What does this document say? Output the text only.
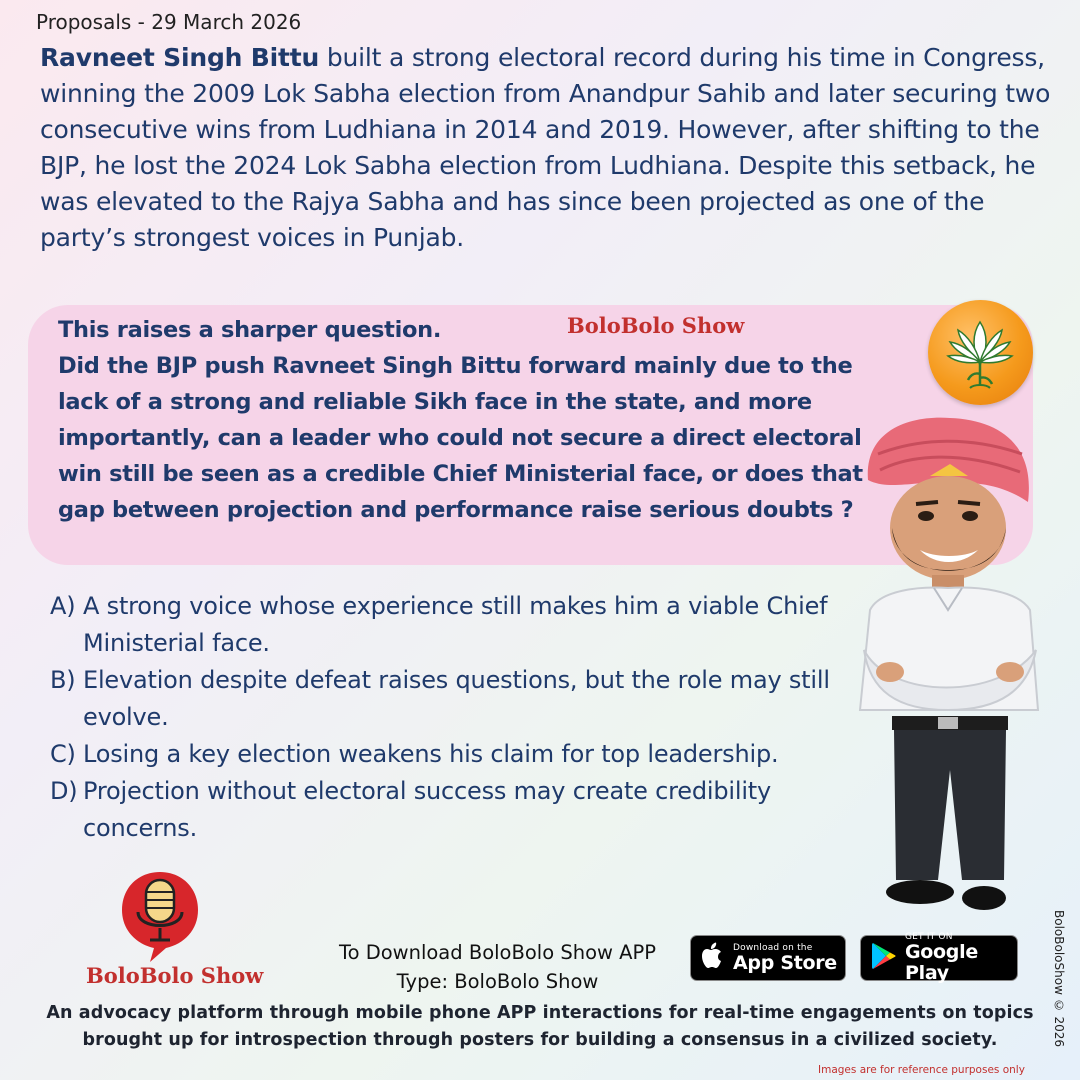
Proposals - 29 March 2026
Ravneet Singh Bittu built a strong electoral record during his time in Congress, winning the 2009 Lok Sabha election from Anandpur Sahib and later securing two consecutive wins from Ludhiana in 2014 and 2019. However, after shifting to the BJP, he lost the 2024 Lok Sabha election from Ludhiana. Despite this setback, he was elevated to the Rajya Sabha and has since been projected as one of the party’s strongest voices in Punjab.
This raises a sharper question.
Did the BJP push Ravneet Singh Bittu forward mainly due to the lack of a strong and reliable Sikh face in the state, and more importantly, can a leader who could not secure a direct electoral win still be seen as a credible Chief Ministerial face, or does that gap between projection and performance raise serious doubts ?
BoloBolo Show
A) A strong voice whose experience still makes him a viable Chief Ministerial face.
B) Elevation despite defeat raises questions, but the role may still evolve.
C) Losing a key election weakens his claim for top leadership.
D) Projection without electoral success may create credibility concerns.
BoloBolo Show
To Download BoloBolo Show APP
Type: BoloBolo Show
Download on the
App Store
GET IT ON
Google Play
An advocacy platform through mobile phone APP interactions for real-time engagements on topics
brought up for introspection through posters for building a consensus in a civilized society.	BoloBoloShow © 2026
Images are for reference purposes only
